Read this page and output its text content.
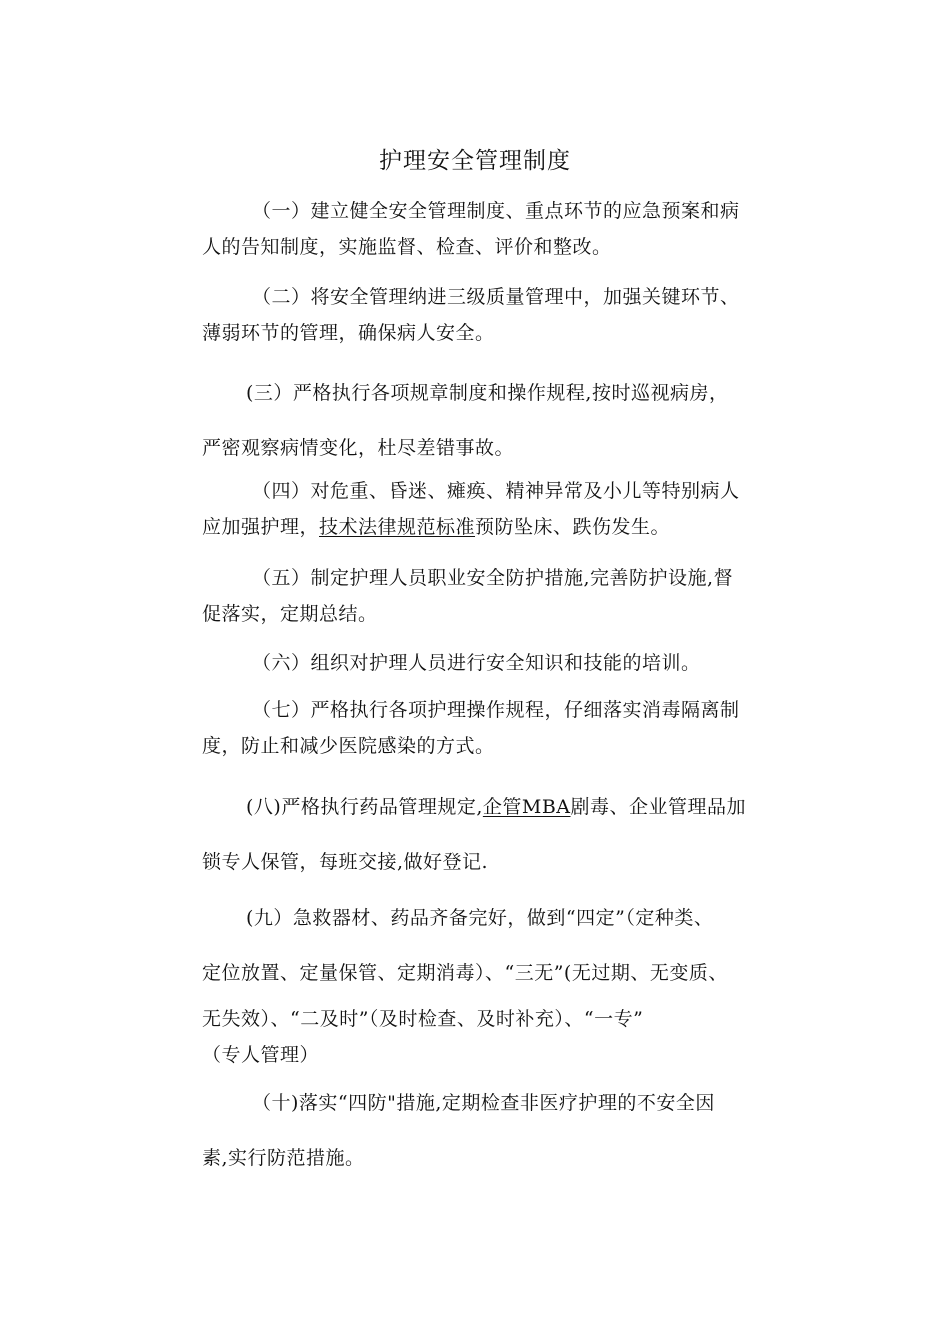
护理安全管理制度
（一）建立健全安全管理制度、重点环节的应急预案和病
人的告知制度，实施监督、检查、评价和整改。
（二）将安全管理纳进三级质量管理中，加强关键环节、
薄弱环节的管理，确保病人安全。
(三）严格执行各项规章制度和操作规程,按时巡视病房，
严密观察病情变化，杜尽差错事故。
（四）对危重、昏迷、瘫痪、精神异常及小儿等特别病人
应加强护理，技术法律规范标准预防坠床、跌伤发生。
（五）制定护理人员职业安全防护措施,完善防护设施,督
促落实，定期总结。
（六）组织对护理人员进行安全知识和技能的培训。
（七）严格执行各项护理操作规程，仔细落实消毒隔离制
度，防止和减少医院感染的方式。
(八)严格执行药品管理规定,企管MBA剧毒、企业管理品加
锁专人保管，每班交接,做好登记.
(九）急救器材、药品齐备完好，做到“四定”（定种类、
定位放置、定量保管、定期消毒）、“三无”(无过期、无变质、
无失效）、“二及时”（及时检查、及时补充）、“一专”
（专人管理）
（十)落实“四防"措施,定期检查非医疗护理的不安全因
素,实行防范措施。
